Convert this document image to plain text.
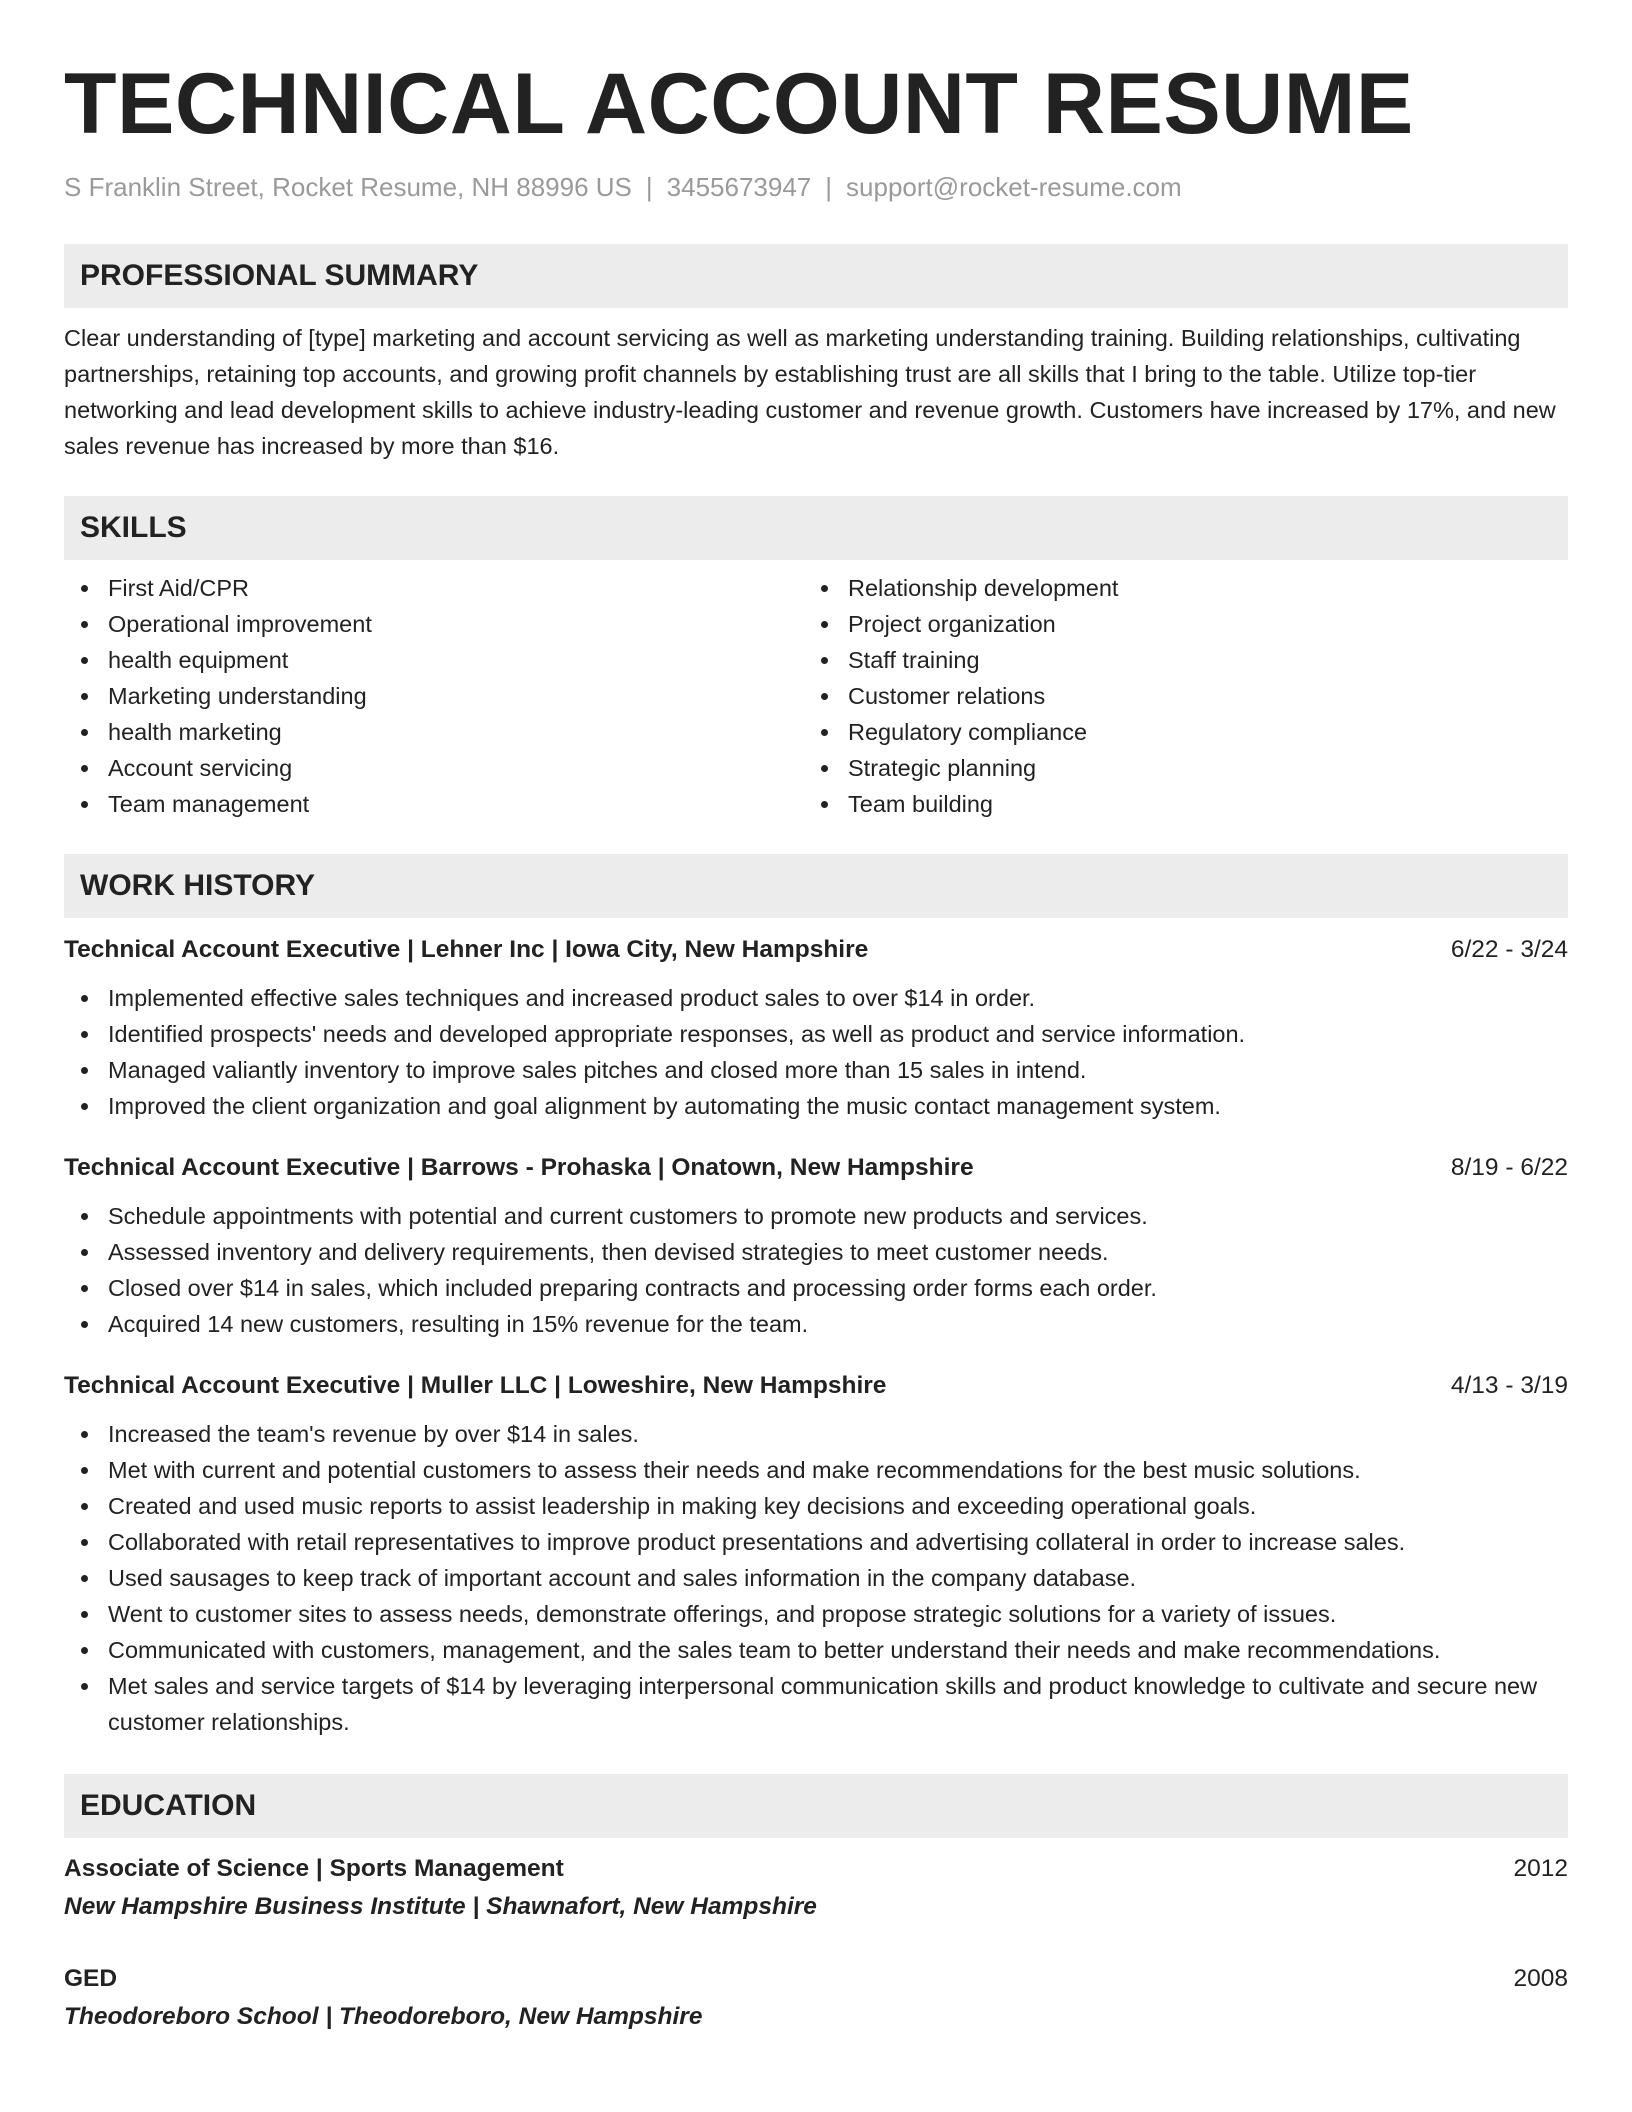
TECHNICAL ACCOUNT RESUME
S Franklin Street, Rocket Resume, NH 88996 US | 3455673947 | support@rocket-resume.com
PROFESSIONAL SUMMARY

Clear understanding of [type] marketing and account servicing as well as marketing understanding training. Building relationships, cultivating partnerships, retaining top accounts, and growing profit channels by establishing trust are all skills that I bring to the table. Utilize top-tier networking and lead development skills to achieve industry-leading customer and revenue growth. Customers have increased by 17%, and new sales revenue has increased by more than $16.

SKILLS
First Aid/CPR
Operational improvement
health equipment
Marketing understanding
health marketing
Account servicing
Team management
Relationship development
Project organization
Staff training
Customer relations
Regulatory compliance
Strategic planning
Team building
WORK HISTORY
Technical Account Executive | Lehner Inc | Iowa City, New Hampshire	6/22 - 3/24
Implemented effective sales techniques and increased product sales to over $14 in order.
Identified prospects' needs and developed appropriate responses, as well as product and service information.
Managed valiantly inventory to improve sales pitches and closed more than 15 sales in intend.
Improved the client organization and goal alignment by automating the music contact management system.
Technical Account Executive | Barrows - Prohaska | Onatown, New Hampshire	8/19 - 6/22
Schedule appointments with potential and current customers to promote new products and services.
Assessed inventory and delivery requirements, then devised strategies to meet customer needs.
Closed over $14 in sales, which included preparing contracts and processing order forms each order.
Acquired 14 new customers, resulting in 15% revenue for the team.
Technical Account Executive | Muller LLC | Loweshire, New Hampshire	4/13 - 3/19
Increased the team's revenue by over $14 in sales.
Met with current and potential customers to assess their needs and make recommendations for the best music solutions.
Created and used music reports to assist leadership in making key decisions and exceeding operational goals.
Collaborated with retail representatives to improve product presentations and advertising collateral in order to increase sales.
Used sausages to keep track of important account and sales information in the company database.
Went to customer sites to assess needs, demonstrate offerings, and propose strategic solutions for a variety of issues.
Communicated with customers, management, and the sales team to better understand their needs and make recommendations.
Met sales and service targets of $14 by leveraging interpersonal communication skills and product knowledge to cultivate and secure new customer relationships.
EDUCATION
Associate of Science | Sports Management	2012
New Hampshire Business Institute | Shawnafort, New Hampshire
GED	2008
Theodoreboro School | Theodoreboro, New Hampshire
